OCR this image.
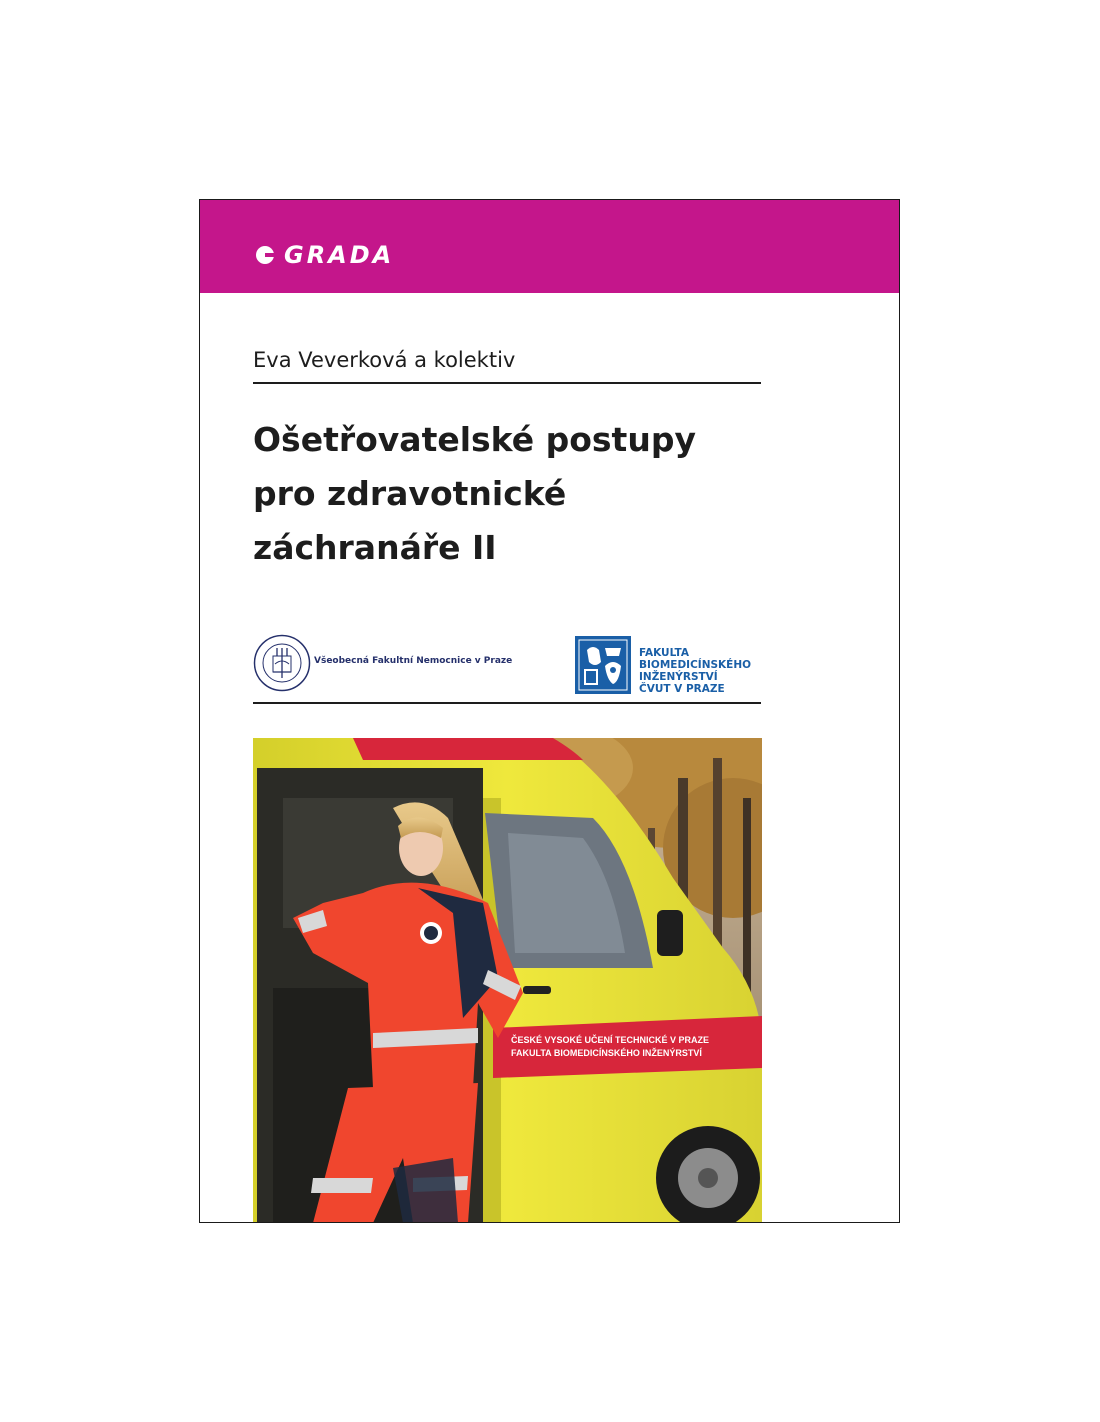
GRADA
Eva Veverková a kolektiv
Ošetřovatelské postupy
pro zdravotnické
záchranáře II
Všeobecná Fakultní Nemocnice v Praze
FAKULTA
BIOMEDICÍNSKÉHO
INŽENÝRSTVÍ
ČVUT V PRAZE
ČESKÉ VYSOKÉ UČENÍ TECHNICKÉ V PRAZE
FAKULTA BIOMEDICÍNSKÉHO INŽENÝRSTVÍ
